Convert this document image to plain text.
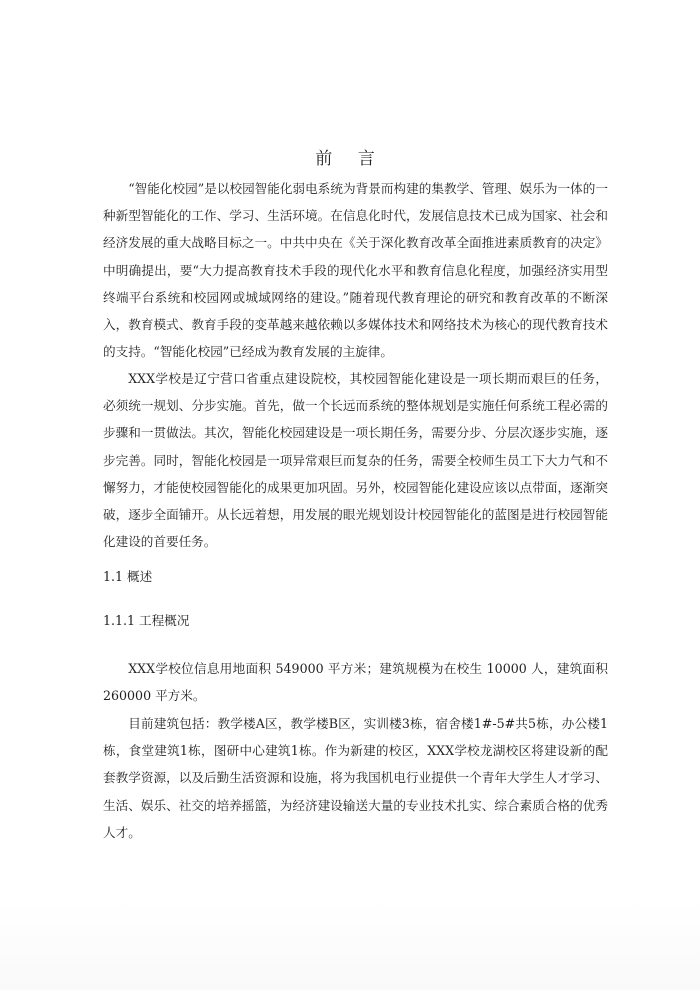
前 言

“智能化校园”是以校园智能化弱电系统为背景而构建的集教学、管理、娱乐为一体的一种新型智能化的工作、学习、生活环境。在信息化时代，发展信息技术已成为国家、社会和经济发展的重大战略目标之一。中共中央在《关于深化教育改革全面推进素质教育的决定》中明确提出，要“大力提高教育技术手段的现代化水平和教育信息化程度，加强经济实用型终端平台系统和校园网或城域网络的建设。”随着现代教育理论的研究和教育改革的不断深入，教育模式、教育手段的变革越来越依赖以多媒体技术和网络技术为核心的现代教育技术的支持。“智能化校园”已经成为教育发展的主旋律。

XXX学校是辽宁营口省重点建设院校，其校园智能化建设是一项长期而艰巨的任务，必须统一规划、分步实施。首先，做一个长远而系统的整体规划是实施任何系统工程必需的步骤和一贯做法。其次，智能化校园建设是一项长期任务，需要分步、分层次逐步实施，逐步完善。同时，智能化校园是一项异常艰巨而复杂的任务，需要全校师生员工下大力气和不懈努力，才能使校园智能化的成果更加巩固。另外，校园智能化建设应该以点带面，逐渐突破，逐步全面铺开。从长远着想，用发展的眼光规划设计校园智能化的蓝图是进行校园智能化建设的首要任务。

1.1 概述
1.1.1 工程概况

XXX学校位信息用地面积 549000 平方米；建筑规模为在校生 10000 人，建筑面积260000 平方米。

目前建筑包括：教学楼A区，教学楼B区，实训楼3栋，宿舍楼1#-5#共5栋，办公楼1栋，食堂建筑1栋，图研中心建筑1栋。作为新建的校区，XXX学校龙湖校区将建设新的配套教学资源，以及后勤生活资源和设施，将为我国机电行业提供一个青年大学生人才学习、生活、娱乐、社交的培养摇篮，为经济建设输送大量的专业技术扎实、综合素质合格的优秀人才。
